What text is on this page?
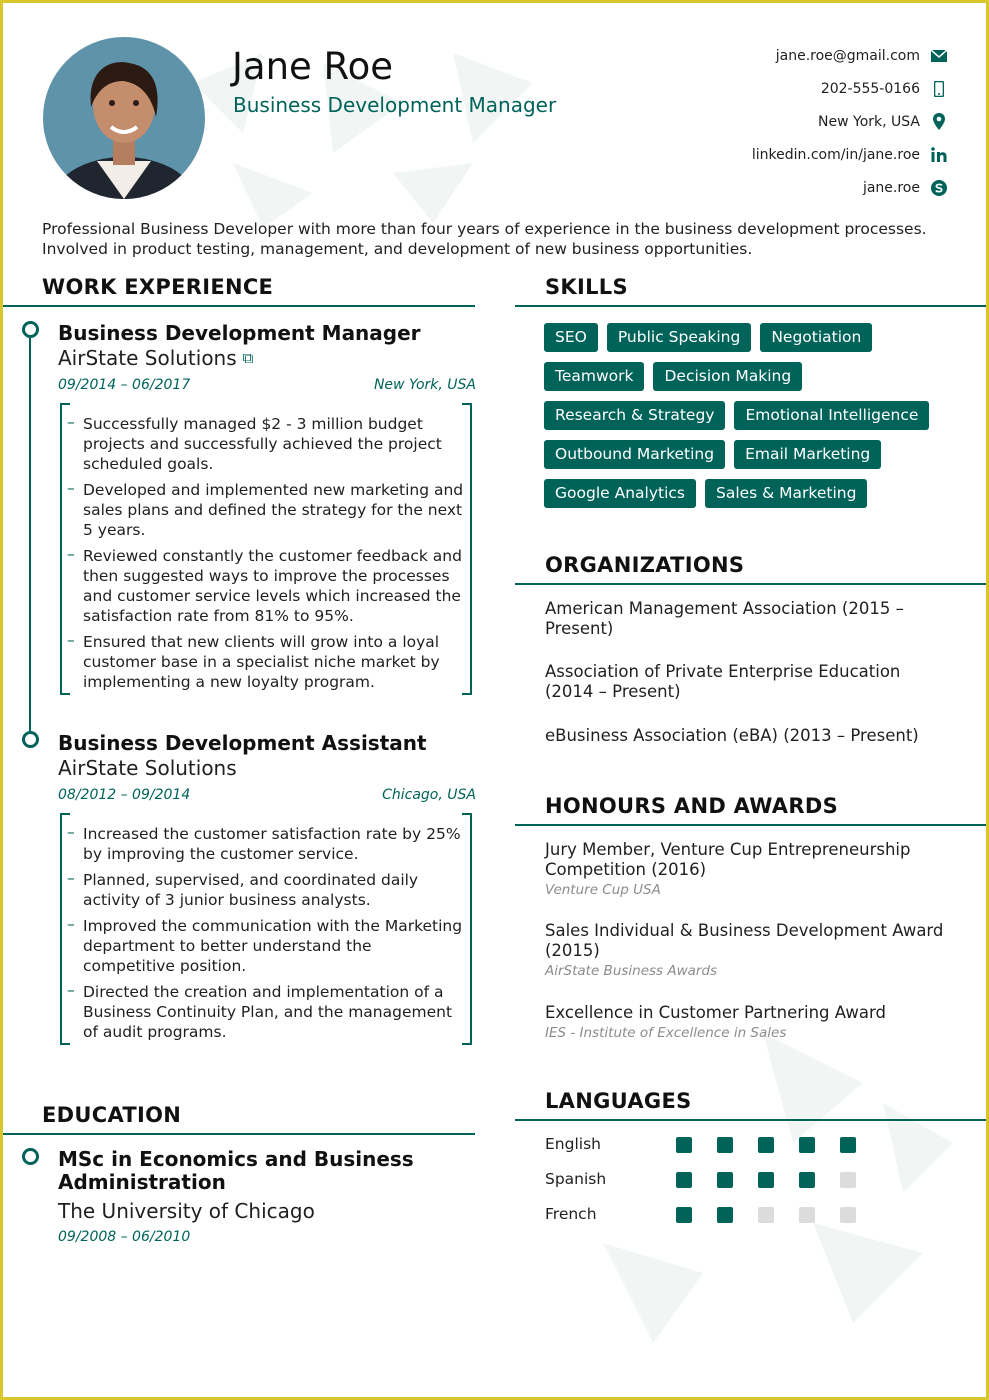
Jane Roe
Business Development Manager
jane.roe@gmail.com
202-555-0166
New York, USA
linkedin.com/in/jane.roe
jane.roe
Professional Business Developer with more than four years of experience in the business development processes. Involved in product testing, management, and development of new business opportunities.
WORK EXPERIENCE
Business Development Manager
AirState Solutions ⧉
09/2014 – 06/2017	New York, USA
– Successfully managed $2 - 3 million budget projects and successfully achieved the project scheduled goals.
– Developed and implemented new marketing and sales plans and defined the strategy for the next 5 years.
– Reviewed constantly the customer feedback and then suggested ways to improve the processes and customer service levels which increased the satisfaction rate from 81% to 95%.
– Ensured that new clients will grow into a loyal customer base in a specialist niche market by implementing a new loyalty program.
Business Development Assistant
AirState Solutions
08/2012 – 09/2014	Chicago, USA
– Increased the customer satisfaction rate by 25% by improving the customer service.
– Planned, supervised, and coordinated daily activity of 3 junior business analysts.
– Improved the communication with the Marketing department to better understand the competitive position.
– Directed the creation and implementation of a Business Continuity Plan, and the management of audit programs.
EDUCATION
MSc in Economics and Business Administration
The University of Chicago
09/2008 – 06/2010
SKILLS
SEO	Public Speaking	Negotiation
Teamwork	Decision Making
Research & Strategy	Emotional Intelligence
Outbound Marketing	Email Marketing
Google Analytics	Sales & Marketing
ORGANIZATIONS
American Management Association (2015 – Present)
Association of Private Enterprise Education (2014 – Present)
eBusiness Association (eBA) (2013 – Present)
HONOURS AND AWARDS
Jury Member, Venture Cup Entrepreneurship Competition (2016)
Venture Cup USA
Sales Individual & Business Development Award (2015)
AirState Business Awards
Excellence in Customer Partnering Award
IES - Institute of Excellence in Sales
LANGUAGES
English
Spanish
French
